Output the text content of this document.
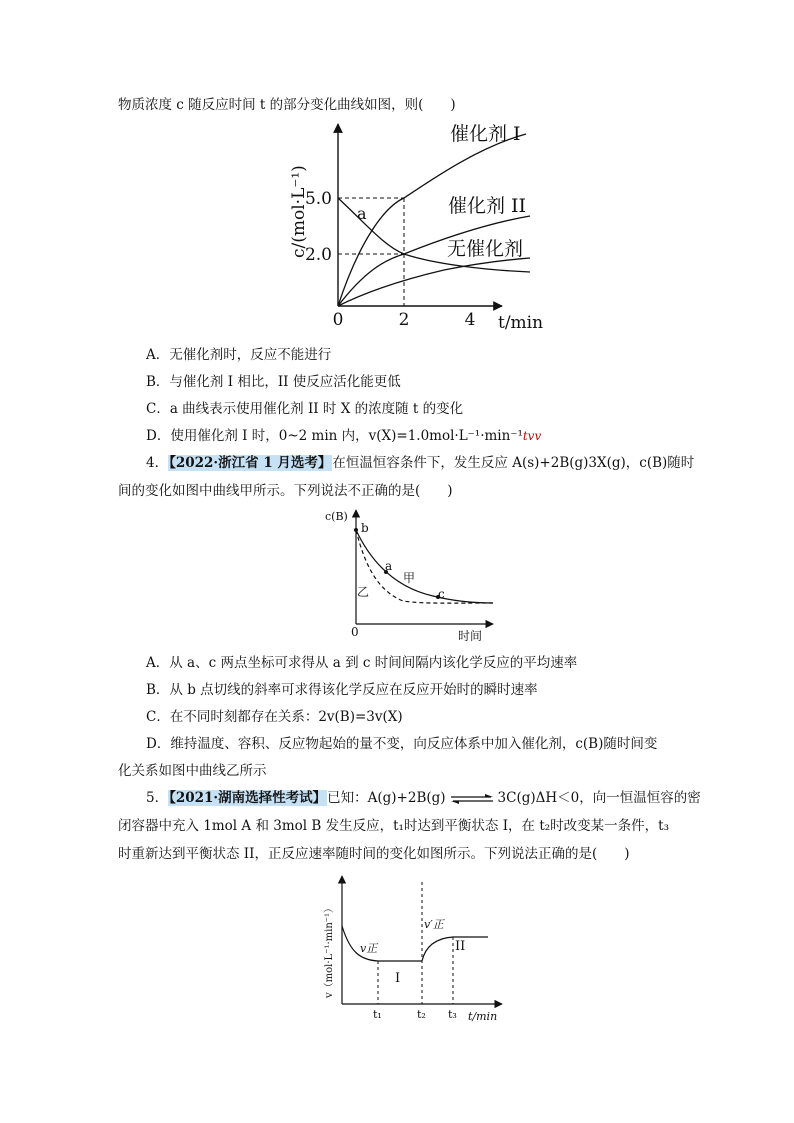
物质浓度 c 随反应时间 t 的部分变化曲线如图，则(　　)
5.0
2.0
0	2	4 t/min
c/(mol·L⁻¹)
催化剂 I
催化剂 II
无催化剂
a
A．无催化剂时，反应不能进行
B．与催化剂 I 相比，II 使反应活化能更低
C．a 曲线表示使用催化剂 II 时 X 的浓度随 t 的变化
D．使用催化剂 I 时，0~2 min 内，v(X)=1.0mol·L⁻¹·min⁻¹tvv
4．【2022·浙江省 1 月选考】在恒温恒容条件下，发生反应 A(s)+2B(g)3X(g)，c(B)随时
间的变化如图中曲线甲所示。下列说法不正确的是(　　)
c(B)
时间
0
b
a
c
甲
乙
A．从 a、c 两点坐标可求得从 a 到 c 时间间隔内该化学反应的平均速率
B．从 b 点切线的斜率可求得该化学反应在反应开始时的瞬时速率
C．在不同时刻都存在关系：2v(B)=3v(X)
D．维持温度、容积、反应物起始的量不变，向反应体系中加入催化剂，c(B)随时间变
化关系如图中曲线乙所示
5．【2021·湖南选择性考试】已知：A(g)+2B(g) ⇌ 3C(g)ΔH＜0，向一恒温恒容的密
闭容器中充入 1mol A 和 3mol B 发生反应，t₁时达到平衡状态 I，在 t₂时改变某一条件，t₃
时重新达到平衡状态 II，正反应速率随时间的变化如图所示。下列说法正确的是(　　)
v（mol·L⁻¹·min⁻¹）
t₁	t₂ t₃ t/min
v正
v′正
I
II
